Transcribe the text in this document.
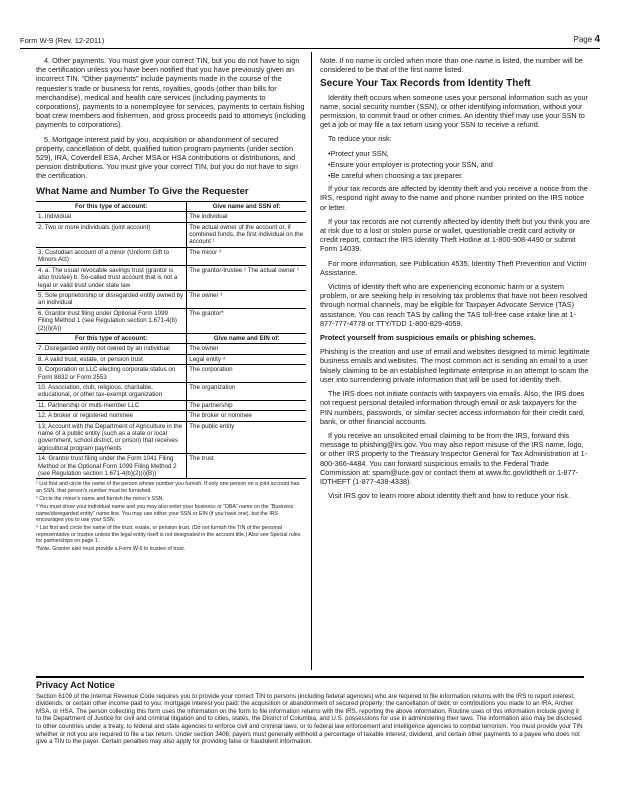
Form W-9 (Rev. 12-2011)	Page 4

4. Other payments. You must give your correct TIN, but you do not have to sign the certification unless you have been notified that you have previously given an incorrect TIN. “Other payments” include payments made in the course of the requester’s trade or business for rents, royalties, goods (other than bills for merchandise), medical and health care services (including payments to corporations), payments to a nonemployee for services, payments to certain fishing boat crew members and fishermen, and gross proceeds paid to attorneys (including payments to corporations).

5. Mortgage interest paid by you, acquisition or abandonment of secured property, cancellation of debt, qualified tuition program payments (under section 529), IRA, Coverdell ESA, Archer MSA or HSA contributions or distributions, and pension distributions. You must give your correct TIN, but you do not have to sign the certification.

What Name and Number To Give the Requester
For this type of account:	Give name and SSN of:
1. Individual	The individual
2. Two or more individuals (joint account)	The actual owner of the account or, if combined funds, the first individual on the account ¹
3. Custodian account of a minor (Uniform Gift to Minors Act)	The minor ²
4. a. The usual revocable savings trust (grantor is also trustee) b. So-called trust account that is not a legal or valid trust under state law	The grantor-trustee ¹ The actual owner ¹
5. Sole proprietorship or disregarded entity owned by an individual	The owner ³
6. Grantor trust filing under Optional Form 1099 Filing Method 1 (see Regulation section 1.671-4(b)(2)(i)(A))	The grantor*
For this type of account:	Give name and EIN of:
7. Disregarded entity not owned by an individual	The owner
8. A valid trust, estate, or pension trust	Legal entity ⁴
9. Corporation or LLC electing corporate status on Form 8832 or Form 2553	The corporation
10. Association, club, religious, charitable, educational, or other tax-exempt organization	The organization
11. Partnership or multi-member LLC	The partnership
12. A broker or registered nominee	The broker or nominee
13. Account with the Department of Agriculture in the name of a public entity (such as a state or local government, school district, or prison) that receives agricultural program payments	The public entity
14. Grantor trust filing under the Form 1041 Filing Method or the Optional Form 1099 Filing Method 2 (see Regulation section 1.671-4(b)(2)(i)(B))	The trust

¹ List first and circle the name of the person whose number you furnish. If only one person on a joint account has an SSN, that person’s number must be furnished.

² Circle the minor’s name and furnish the minor’s SSN.

³ You must show your individual name and you may also enter your business or “DBA” name on the “Business name/disregarded entity” name line. You may use either your SSN or EIN (if you have one), but the IRS encourages you to use your SSN.

⁴ List first and circle the name of the trust, estate, or pension trust. (Do not furnish the TIN of the personal representative or trustee unless the legal entity itself is not designated in the account title.) Also see Special rules for partnerships on page 1.

*Note. Grantor also must provide a Form W-9 to trustee of trust.

Note. If no name is circled when more than one name is listed, the number will be considered to be that of the first name listed.

Secure Your Tax Records from Identity Theft

Identity theft occurs when someone uses your personal information such as your name, social security number (SSN), or other identifying information, without your permission, to commit fraud or other crimes. An identity thief may use your SSN to get a job or may file a tax return using your SSN to receive a refund.

To reduce your risk:

• Protect your SSN,
• Ensure your employer is protecting your SSN, and
• Be careful when choosing a tax preparer.

If your tax records are affected by identity theft and you receive a notice from the IRS, respond right away to the name and phone number printed on the IRS notice or letter.

If your tax records are not currently affected by identity theft but you think you are at risk due to a lost or stolen purse or wallet, questionable credit card activity or credit report, contact the IRS Identity Theft Hotline at 1-800-908-4490 or submit Form 14039.

For more information, see Publication 4535, Identity Theft Prevention and Victim Assistance.

Victims of identity theft who are experiencing economic harm or a system problem, or are seeking help in resolving tax problems that have not been resolved through normal channels, may be eligible for Taxpayer Advocate Service (TAS) assistance. You can reach TAS by calling the TAS toll-free case intake line at 1-877-777-4778 or TTY/TDD 1-800-829-4059.

Protect yourself from suspicious emails or phishing schemes.

Phishing is the creation and use of email and websites designed to mimic legitimate business emails and websites. The most common act is sending an email to a user falsely claiming to be an established legitimate enterprise in an attempt to scam the user into surrendering private information that will be used for identity theft.

The IRS does not initiate contacts with taxpayers via emails. Also, the IRS does not request personal detailed information through email or ask taxpayers for the PIN numbers, passwords, or similar secret access information for their credit card, bank, or other financial accounts.

If you receive an unsolicited email claiming to be from the IRS, forward this message to phishing@irs.gov. You may also report misuse of the IRS name, logo, or other IRS property to the Treasury Inspector General for Tax Administration at 1-800-366-4484. You can forward suspicious emails to the Federal Trade Commission at: spam@uce.gov or contact them at www.ftc.gov/idtheft or 1-877-IDTHEFT (1-877-438-4338).

Visit IRS.gov to learn more about identity theft and how to reduce your risk.

Privacy Act Notice

Section 6109 of the Internal Revenue Code requires you to provide your correct TIN to persons (including federal agencies) who are required to file information returns with the IRS to report interest, dividends, or certain other income paid to you; mortgage interest you paid; the acquisition or abandonment of secured property; the cancellation of debt; or contributions you made to an IRA, Archer MSA, or HSA. The person collecting this form uses the information on the form to file information returns with the IRS, reporting the above information. Routine uses of this information include giving it to the Department of Justice for civil and criminal litigation and to cities, states, the District of Columbia, and U.S. possessions for use in administering their laws. The information also may be disclosed to other countries under a treaty, to federal and state agencies to enforce civil and criminal laws, or to federal law enforcement and intelligence agencies to combat terrorism. You must provide your TIN whether or not you are required to file a tax return. Under section 3406, payers must generally withhold a percentage of taxable interest, dividend, and certain other payments to a payee who does not give a TIN to the payer. Certain penalties may also apply for providing false or fraudulent information.
